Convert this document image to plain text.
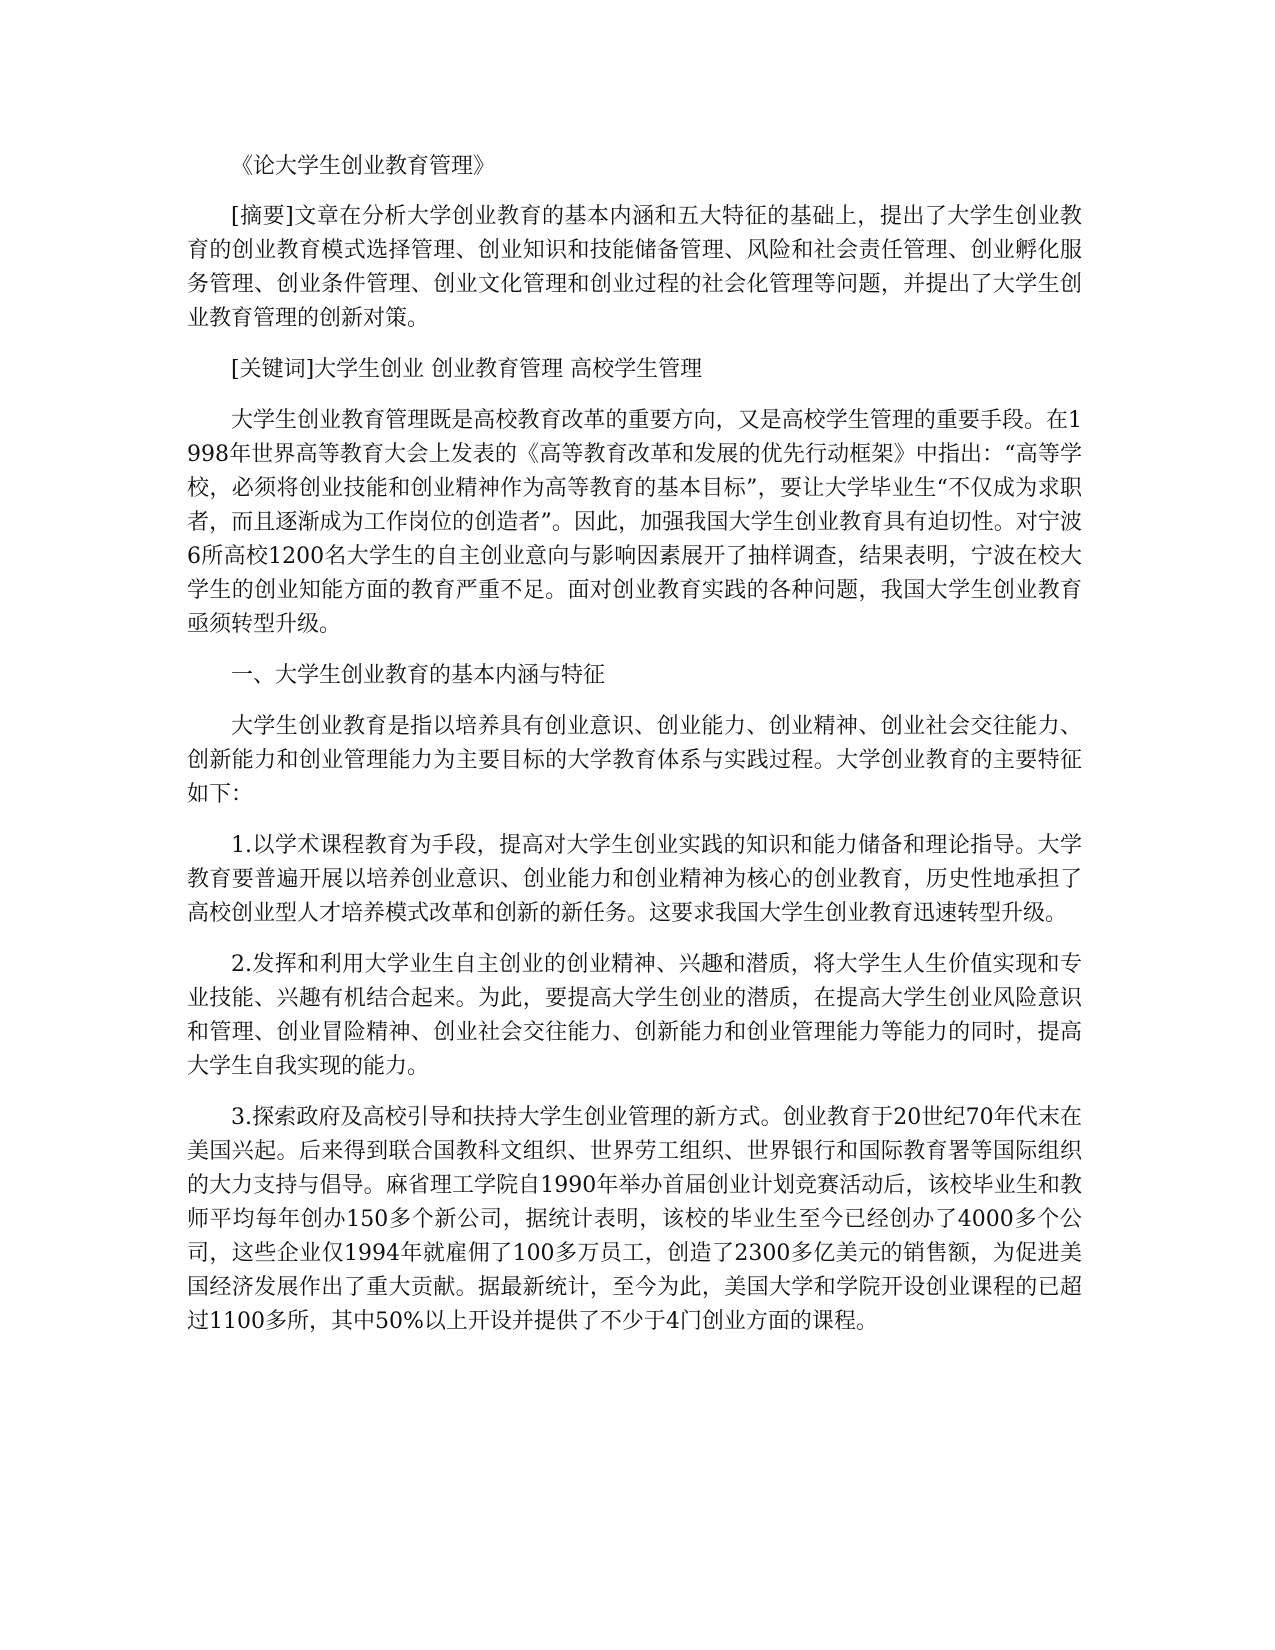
《论大学生创业教育管理》

[摘要]文章在分析大学创业教育的基本内涵和五大特征的基础上，提出了大学生创业教育的创业教育模式选择管理、创业知识和技能储备管理、风险和社会责任管理、创业孵化服务管理、创业条件管理、创业文化管理和创业过程的社会化管理等问题，并提出了大学生创业教育管理的创新对策。

[关键词]大学生创业 创业教育管理 高校学生管理

大学生创业教育管理既是高校教育改革的重要方向，又是高校学生管理的重要手段。在1998年世界高等教育大会上发表的《高等教育改革和发展的优先行动框架》中指出：“高等学校，必须将创业技能和创业精神作为高等教育的基本目标”，要让大学毕业生“不仅成为求职者，而且逐渐成为工作岗位的创造者”。因此，加强我国大学生创业教育具有迫切性。对宁波6所高校1200名大学生的自主创业意向与影响因素展开了抽样调查，结果表明，宁波在校大学生的创业知能方面的教育严重不足。面对创业教育实践的各种问题，我国大学生创业教育亟须转型升级。

一、大学生创业教育的基本内涵与特征

大学生创业教育是指以培养具有创业意识、创业能力、创业精神、创业社会交往能力、创新能力和创业管理能力为主要目标的大学教育体系与实践过程。大学创业教育的主要特征如下：

1.以学术课程教育为手段，提高对大学生创业实践的知识和能力储备和理论指导。大学教育要普遍开展以培养创业意识、创业能力和创业精神为核心的创业教育，历史性地承担了高校创业型人才培养模式改革和创新的新任务。这要求我国大学生创业教育迅速转型升级。

2.发挥和利用大学业生自主创业的创业精神、兴趣和潜质，将大学生人生价值实现和专业技能、兴趣有机结合起来。为此，要提高大学生创业的潜质，在提高大学生创业风险意识和管理、创业冒险精神、创业社会交往能力、创新能力和创业管理能力等能力的同时，提高大学生自我实现的能力。

3.探索政府及高校引导和扶持大学生创业管理的新方式。创业教育于20世纪70年代末在美国兴起。后来得到联合国教科文组织、世界劳工组织、世界银行和国际教育署等国际组织的大力支持与倡导。麻省理工学院自1990年举办首届创业计划竞赛活动后，该校毕业生和教师平均每年创办150多个新公司，据统计表明，该校的毕业生至今已经创办了4000多个公司，这些企业仅1994年就雇佣了100多万员工，创造了2300多亿美元的销售额，为促进美国经济发展作出了重大贡献。据最新统计，至今为此，美国大学和学院开设创业课程的已超过1100多所，其中50%以上开设并提供了不少于4门创业方面的课程。
